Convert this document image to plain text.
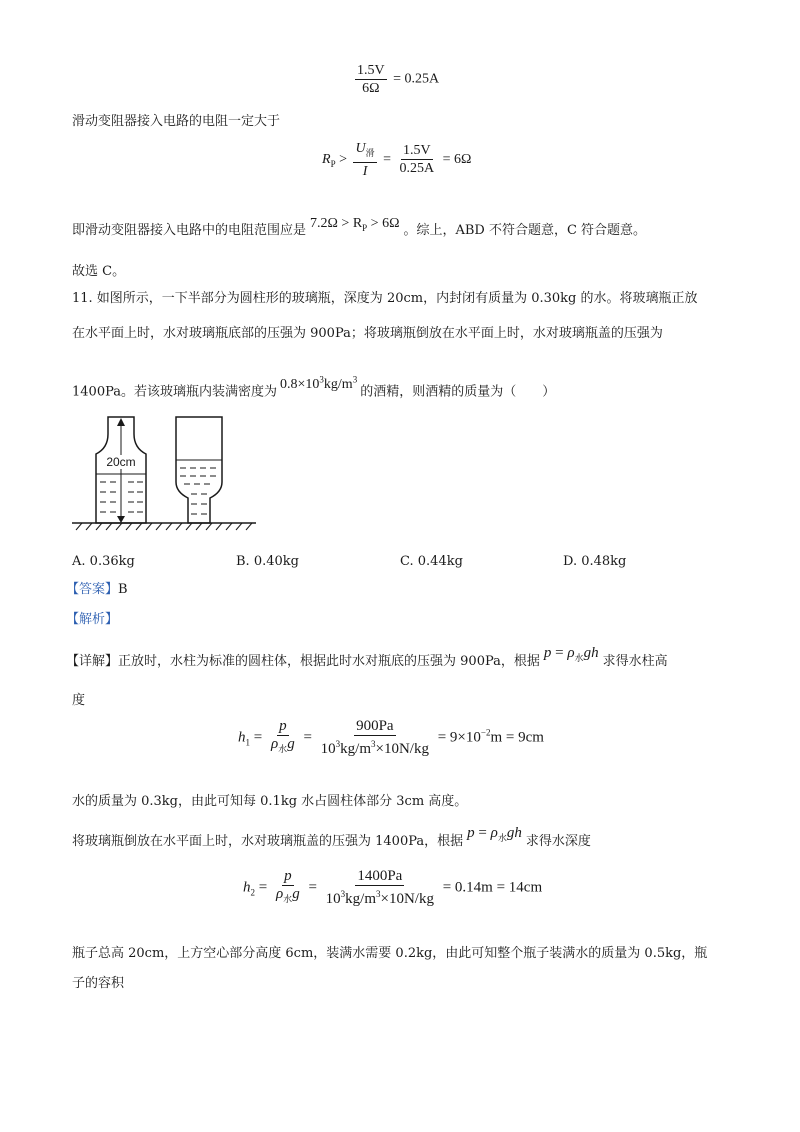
$\frac{1.5V}{6\Omega} = 0.25A$
滑动变阻器接入电路的电阻一定大于
$R_P > \frac{U_滑}{I} = \frac{1.5V}{0.25A} = 6\Omega$
即滑动变阻器接入电路中的电阻范围应是 $7.2\Omega > R_P > 6\Omega$ 。综上，ABD 不符合题意，C 符合题意。
故选 C。
11. 如图所示，一下半部分为圆柱形的玻璃瓶，深度为 20cm，内封闭有质量为 0.30kg 的水。将玻璃瓶正放
在水平面上时，水对玻璃瓶底部的压强为 900Pa；将玻璃瓶倒放在水平面上时，水对玻璃瓶盖的压强为
1400Pa。若该玻璃瓶内装满密度为$0.8\times 10^3kg/m^3$的酒精，则酒精的质量为（　　）
20cm
A. 0.36kg	B. 0.40kg	C. 0.44kg	D. 0.48kg
【答案】B
【解析】
【详解】正放时，水柱为标准的圆柱体，根据此时水对瓶底的压强为 900Pa，根据$p = \rho_水gh$求得水柱高
度
$h_1 = \frac{p}{\rho_水g} = \frac{900Pa}{10^3kg/m^3\times 10N/kg} = 9\times 10^{-2}m = 9cm$
水的质量为 0.3kg，由此可知每 0.1kg 水占圆柱体部分 3cm 高度。
将玻璃瓶倒放在水平面上时，水对玻璃瓶盖的压强为 1400Pa，根据$p = \rho_水gh$求得水深度
$h_2 = \frac{p}{\rho_水g} = \frac{1400Pa}{10^3kg/m^3\times 10N/kg} = 0.14m = 14cm$
瓶子总高 20cm，上方空心部分高度 6cm，装满水需要 0.2kg，由此可知整个瓶子装满水的质量为 0.5kg，瓶
子的容积
